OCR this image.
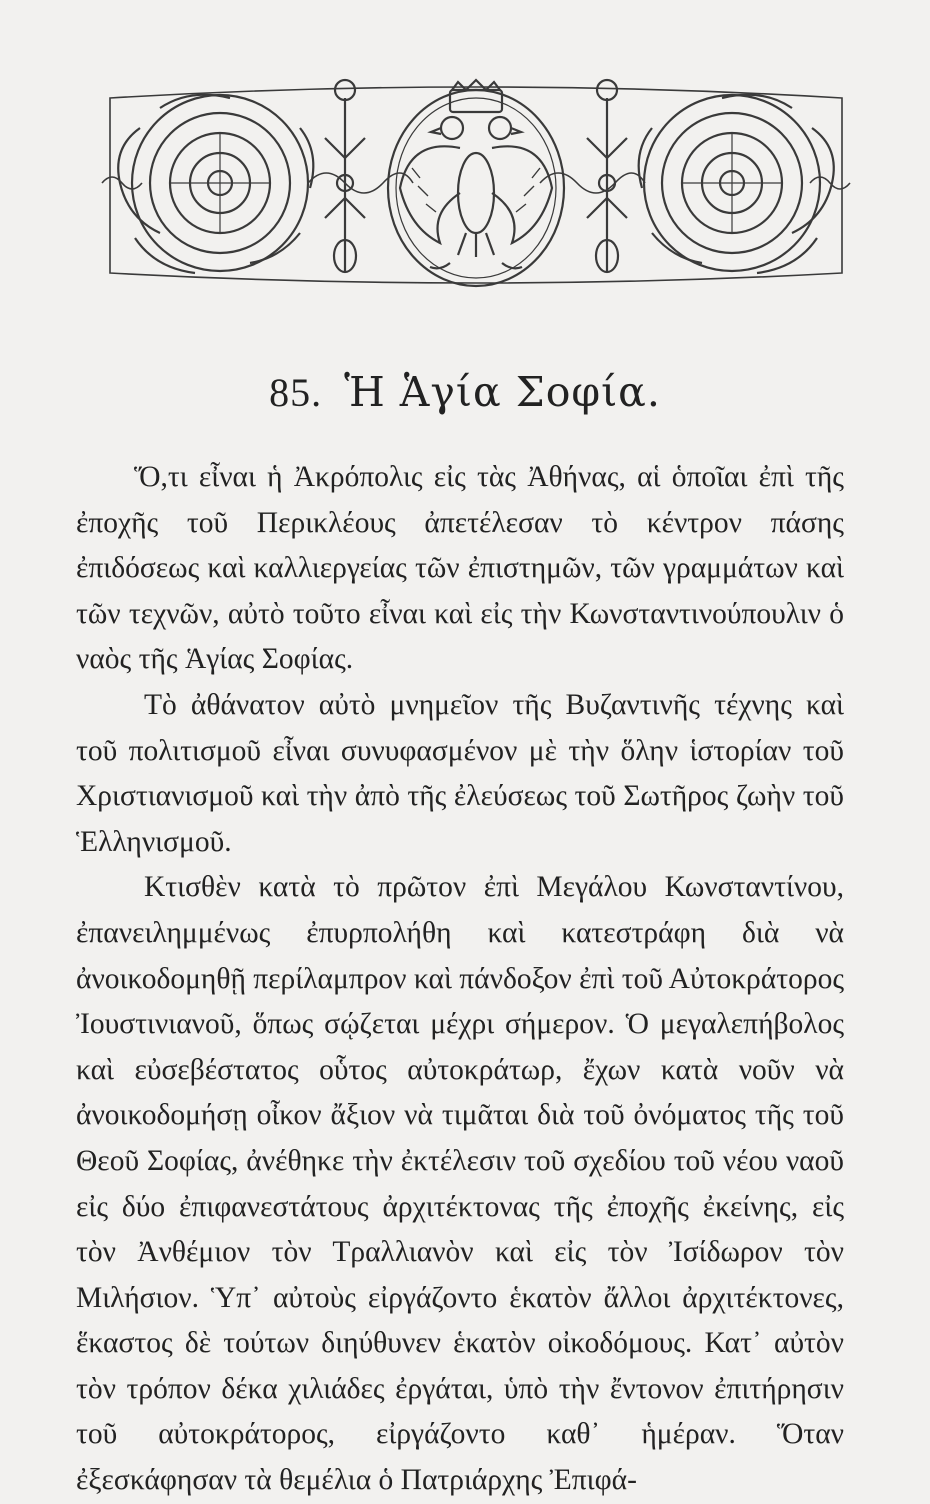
85. Ἡ Ἁγία Σοφία.

Ὅ,τι εἶναι ἡ Ἀκρόπολις εἰς τὰς Ἀθήνας, αἱ ὁποῖαι ἐπὶ τῆς ἐποχῆς τοῦ Περικλέους ἀπετέλεσαν τὸ κέντρον πάσης ἐπιδόσεως καὶ καλλιεργείας τῶν ἐπιστημῶν, τῶν γραμμάτων καὶ τῶν τεχνῶν, αὐτὸ τοῦτο εἶναι καὶ εἰς τὴν Κωνσταντινούπουλιν ὁ ναὸς τῆς Ἁγίας Σοφίας.

Τὸ ἀθάνατον αὐτὸ μνημεῖον τῆς Βυζαντινῆς τέχνης καὶ τοῦ πολιτισμοῦ εἶναι συνυφασμένον μὲ τὴν ὅλην ἱστορίαν τοῦ Χριστιανισμοῦ καὶ τὴν ἀπὸ τῆς ἐλεύσεως τοῦ Σωτῆρος ζωὴν τοῦ Ἑλληνισμοῦ.

Κτισθὲν κατὰ τὸ πρῶτον ἐπὶ Μεγάλου Κωνσταντίνου, ἐπανειλημμένως ἐπυρπολήθη καὶ κατεστράφη διὰ νὰ ἀνοικοδομηθῇ περίλαμπρον καὶ πάνδοξον ἐπὶ τοῦ Αὐτοκράτορος Ἰουστινιανοῦ, ὅπως σῴζεται μέχρι σήμερον. Ὁ μεγαλεπήβολος καὶ εὐσεβέστατος οὗτος αὐτοκράτωρ, ἔχων κατὰ νοῦν νὰ ἀνοικοδομήσῃ οἶκον ἄξιον νὰ τιμᾶται διὰ τοῦ ὀνόματος τῆς τοῦ Θεοῦ Σοφίας, ἀνέθηκε τὴν ἐκτέλεσιν τοῦ σχεδίου τοῦ νέου ναοῦ εἰς δύο ἐπιφανεστάτους ἀρχιτέκτονας τῆς ἐποχῆς ἐκείνης, εἰς τὸν Ἀνθέμιον τὸν Τραλλιανὸν καὶ εἰς τὸν Ἰσίδωρον τὸν Μιλήσιον. Ὑπ᾽ αὐτοὺς εἰργάζοντο ἑκατὸν ἄλλοι ἀρχιτέκτονες, ἕκαστος δὲ τούτων διηύθυνεν ἑκατὸν οἰκοδόμους. Κατ᾽ αὐτὸν τὸν τρόπον δέκα χιλιάδες ἐργάται, ὑπὸ τὴν ἔντονον ἐπιτήρησιν τοῦ αὐτοκράτορος, εἰργάζοντο καθ᾽ ἡμέραν. Ὅταν ἐξεσκάφησαν τὰ θεμέλια ὁ Πατριάρχης Ἐπιφά-
